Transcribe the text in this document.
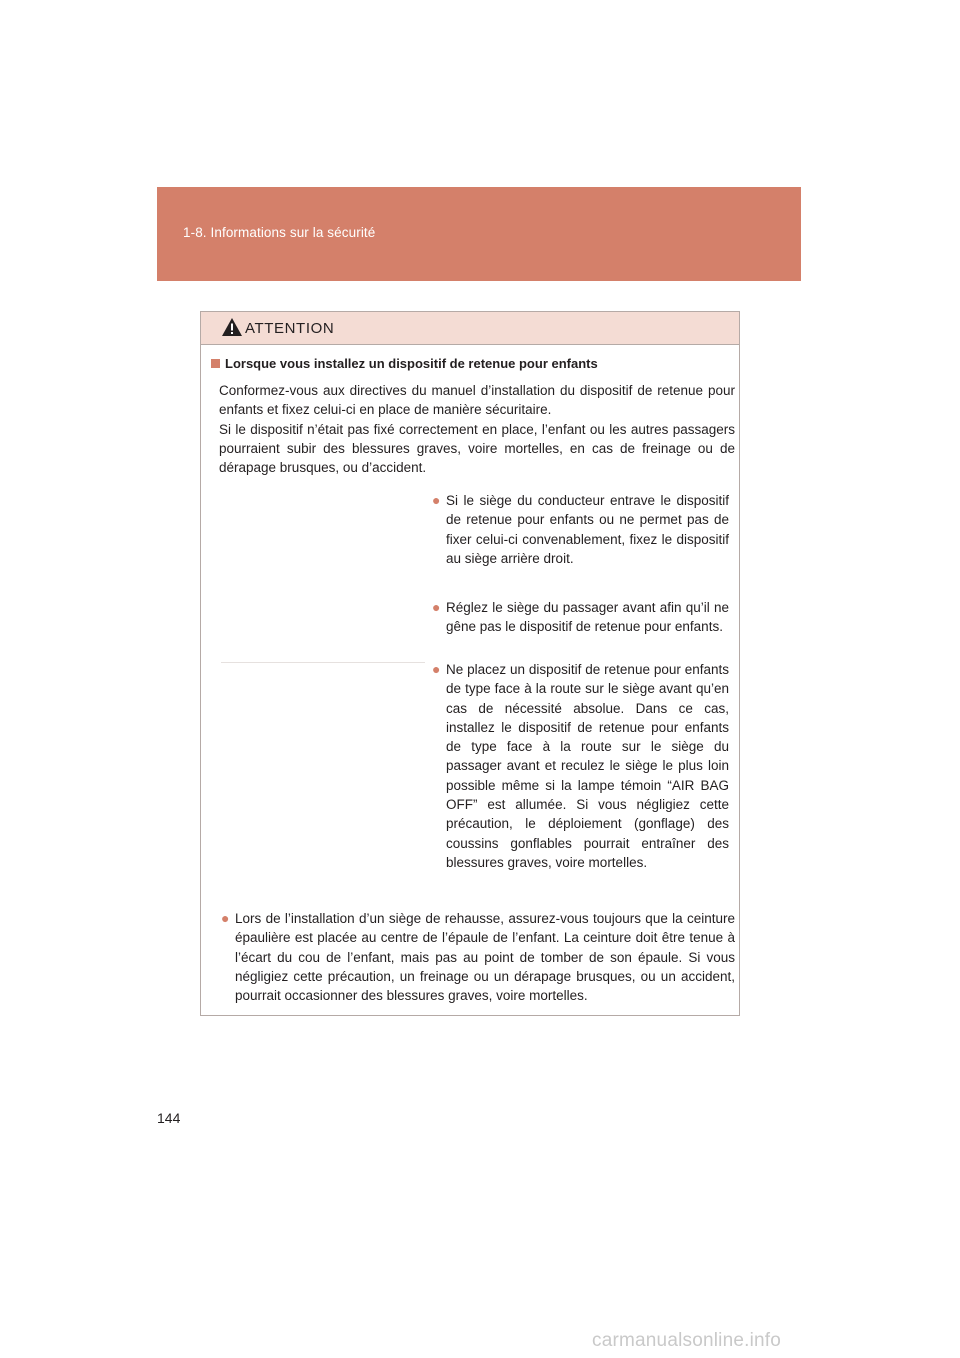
1-8. Informations sur la sécurité
ATTENTION
Lorsque vous installez un dispositif de retenue pour enfants
Conformez-vous aux directives du manuel d’installation du dispositif de retenue pour enfants et fixez celui-ci en place de manière sécuritaire.
Si le dispositif n’était pas fixé correctement en place, l’enfant ou les autres passagers pourraient subir des blessures graves, voire mortelles, en cas de freinage ou de dérapage brusques, ou d’accident.
● Si le siège du conducteur entrave le dispositif de retenue pour enfants ou ne permet pas de fixer celui-ci convenablement, fixez le dispositif au siège arrière droit.
● Réglez le siège du passager avant afin qu’il ne gêne pas le dispositif de retenue pour enfants.
● Ne placez un dispositif de retenue pour enfants de type face à la route sur le siège avant qu’en cas de nécessité absolue. Dans ce cas, installez le dispositif de retenue pour enfants de type face à la route sur le siège du passager avant et reculez le siège le plus loin possible même si la lampe témoin “AIR BAG OFF” est allumée. Si vous négligiez cette précaution, le déploiement (gonflage) des coussins gonflables pourrait entraîner des blessures graves, voire mortelles.
● Lors de l’installation d’un siège de rehausse, assurez-vous toujours que la ceinture épaulière est placée au centre de l’épaule de l’enfant. La ceinture doit être tenue à l’écart du cou de l’enfant, mais pas au point de tomber de son épaule. Si vous négligiez cette précaution, un freinage ou un dérapage brusques, ou un accident, pourrait occasionner des blessures graves, voire mortelles.
144
carmanualsonline.info
